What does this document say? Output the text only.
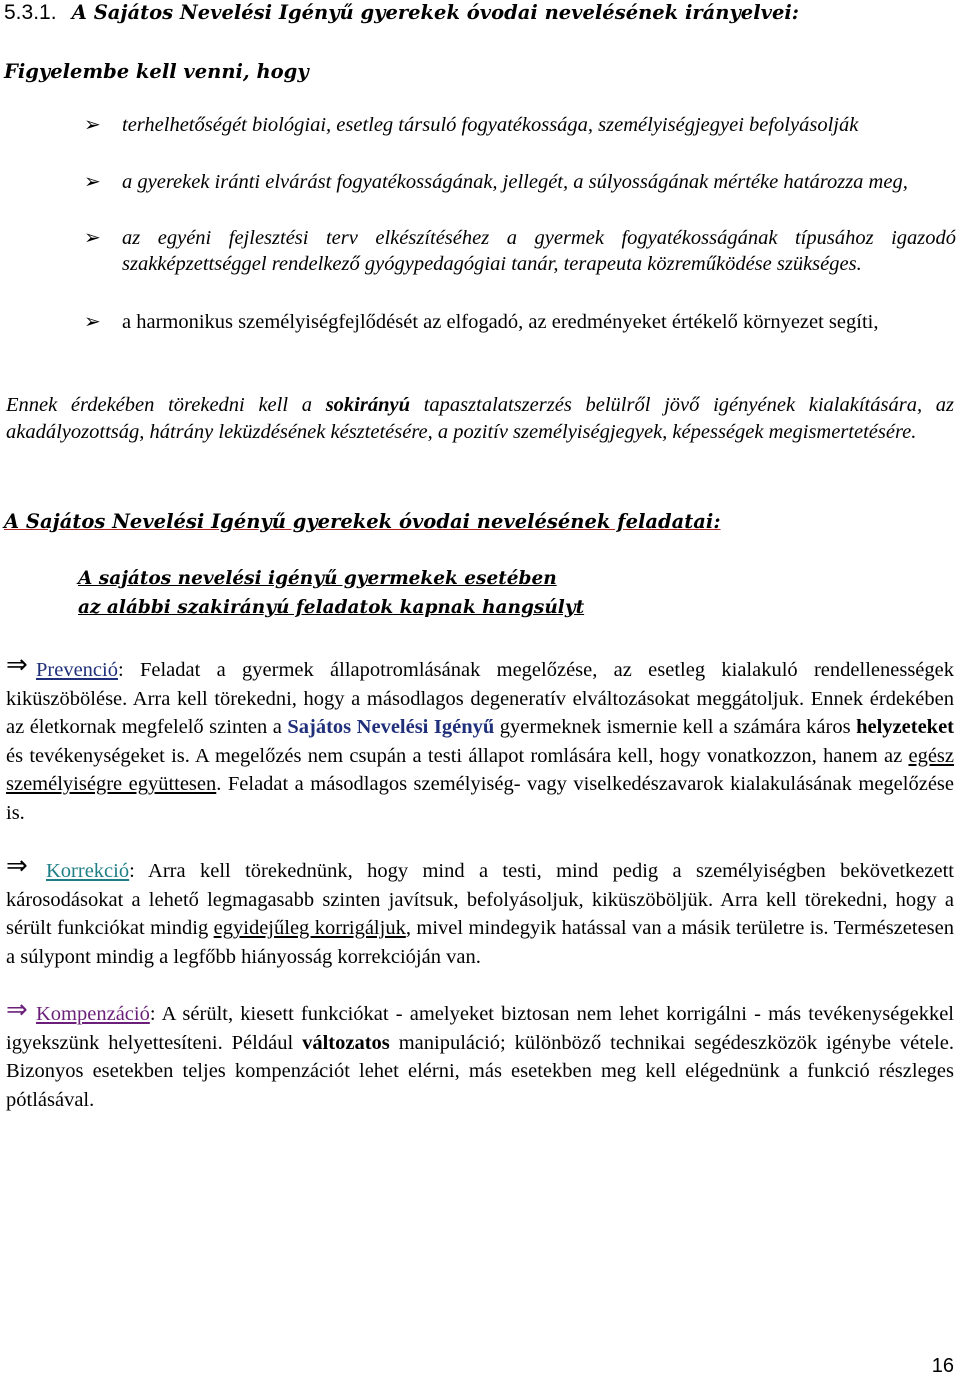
5.3.1. A Sajátos Nevelési Igényű gyerekek óvodai nevelésének irányelvei:
Figyelembe kell venni, hogy
➢ terhelhetőségét biológiai, esetleg társuló fogyatékossága, személyiségjegyei befolyásolják
➢ a gyerekek iránti elvárást fogyatékosságának, jellegét, a súlyosságának mértéke határozza meg,
➢ az egyéni fejlesztési terv elkészítéséhez a gyermek fogyatékosságának típusához igazodó szakképzettséggel rendelkező gyógypedagógiai tanár, terapeuta közreműködése szükséges.
➢ a harmonikus személyiségfejlődését az elfogadó, az eredményeket értékelő környezet segíti,
Ennek érdekében törekedni kell a sokirányú tapasztalatszerzés belülről jövő igényének kialakítására, az akadályozottság, hátrány leküzdésének késztetésére, a pozitív személyiségjegyek, képességek megismertetésére.
A Sajátos Nevelési Igényű gyerekek óvodai nevelésének feladatai:
A sajátos nevelési igényű gyermekek esetében
az alábbi szakirányú feladatok kapnak hangsúlyt
⇒ Prevenció: Feladat a gyermek állapotromlásának megelőzése, az esetleg kialakuló rendellenességek kiküszöbölése. Arra kell törekedni, hogy a másodlagos degeneratív elváltozásokat meggátoljuk. Ennek érdekében az életkornak megfelelő szinten a Sajátos Nevelési Igényű gyermeknek ismernie kell a számára káros helyzeteket és tevékenységeket is. A megelőzés nem csupán a testi állapot romlására kell, hogy vonatkozzon, hanem az egész személyiségre együttesen. Feladat a másodlagos személyiség- vagy viselkedészavarok kialakulásának megelőzése is.
⇒ Korrekció: Arra kell törekednünk, hogy mind a testi, mind pedig a személyiségben bekövetkezett károsodásokat a lehető legmagasabb szinten javítsuk, befolyásoljuk, kiküszöböljük. Arra kell törekedni, hogy a sérült funkciókat mindig egyidejűleg korrigáljuk, mivel mindegyik hatással van a másik területre is. Természetesen a súlypont mindig a legfőbb hiányosság korrekcióján van.
⇒ Kompenzáció: A sérült, kiesett funkciókat - amelyeket biztosan nem lehet korrigálni - más tevékenységekkel igyekszünk helyettesíteni. Például változatos manipuláció; különböző technikai segédeszközök igénybe vétele. Bizonyos esetekben teljes kompenzációt lehet elérni, más esetekben meg kell elégednünk a funkció részleges pótlásával.
16
